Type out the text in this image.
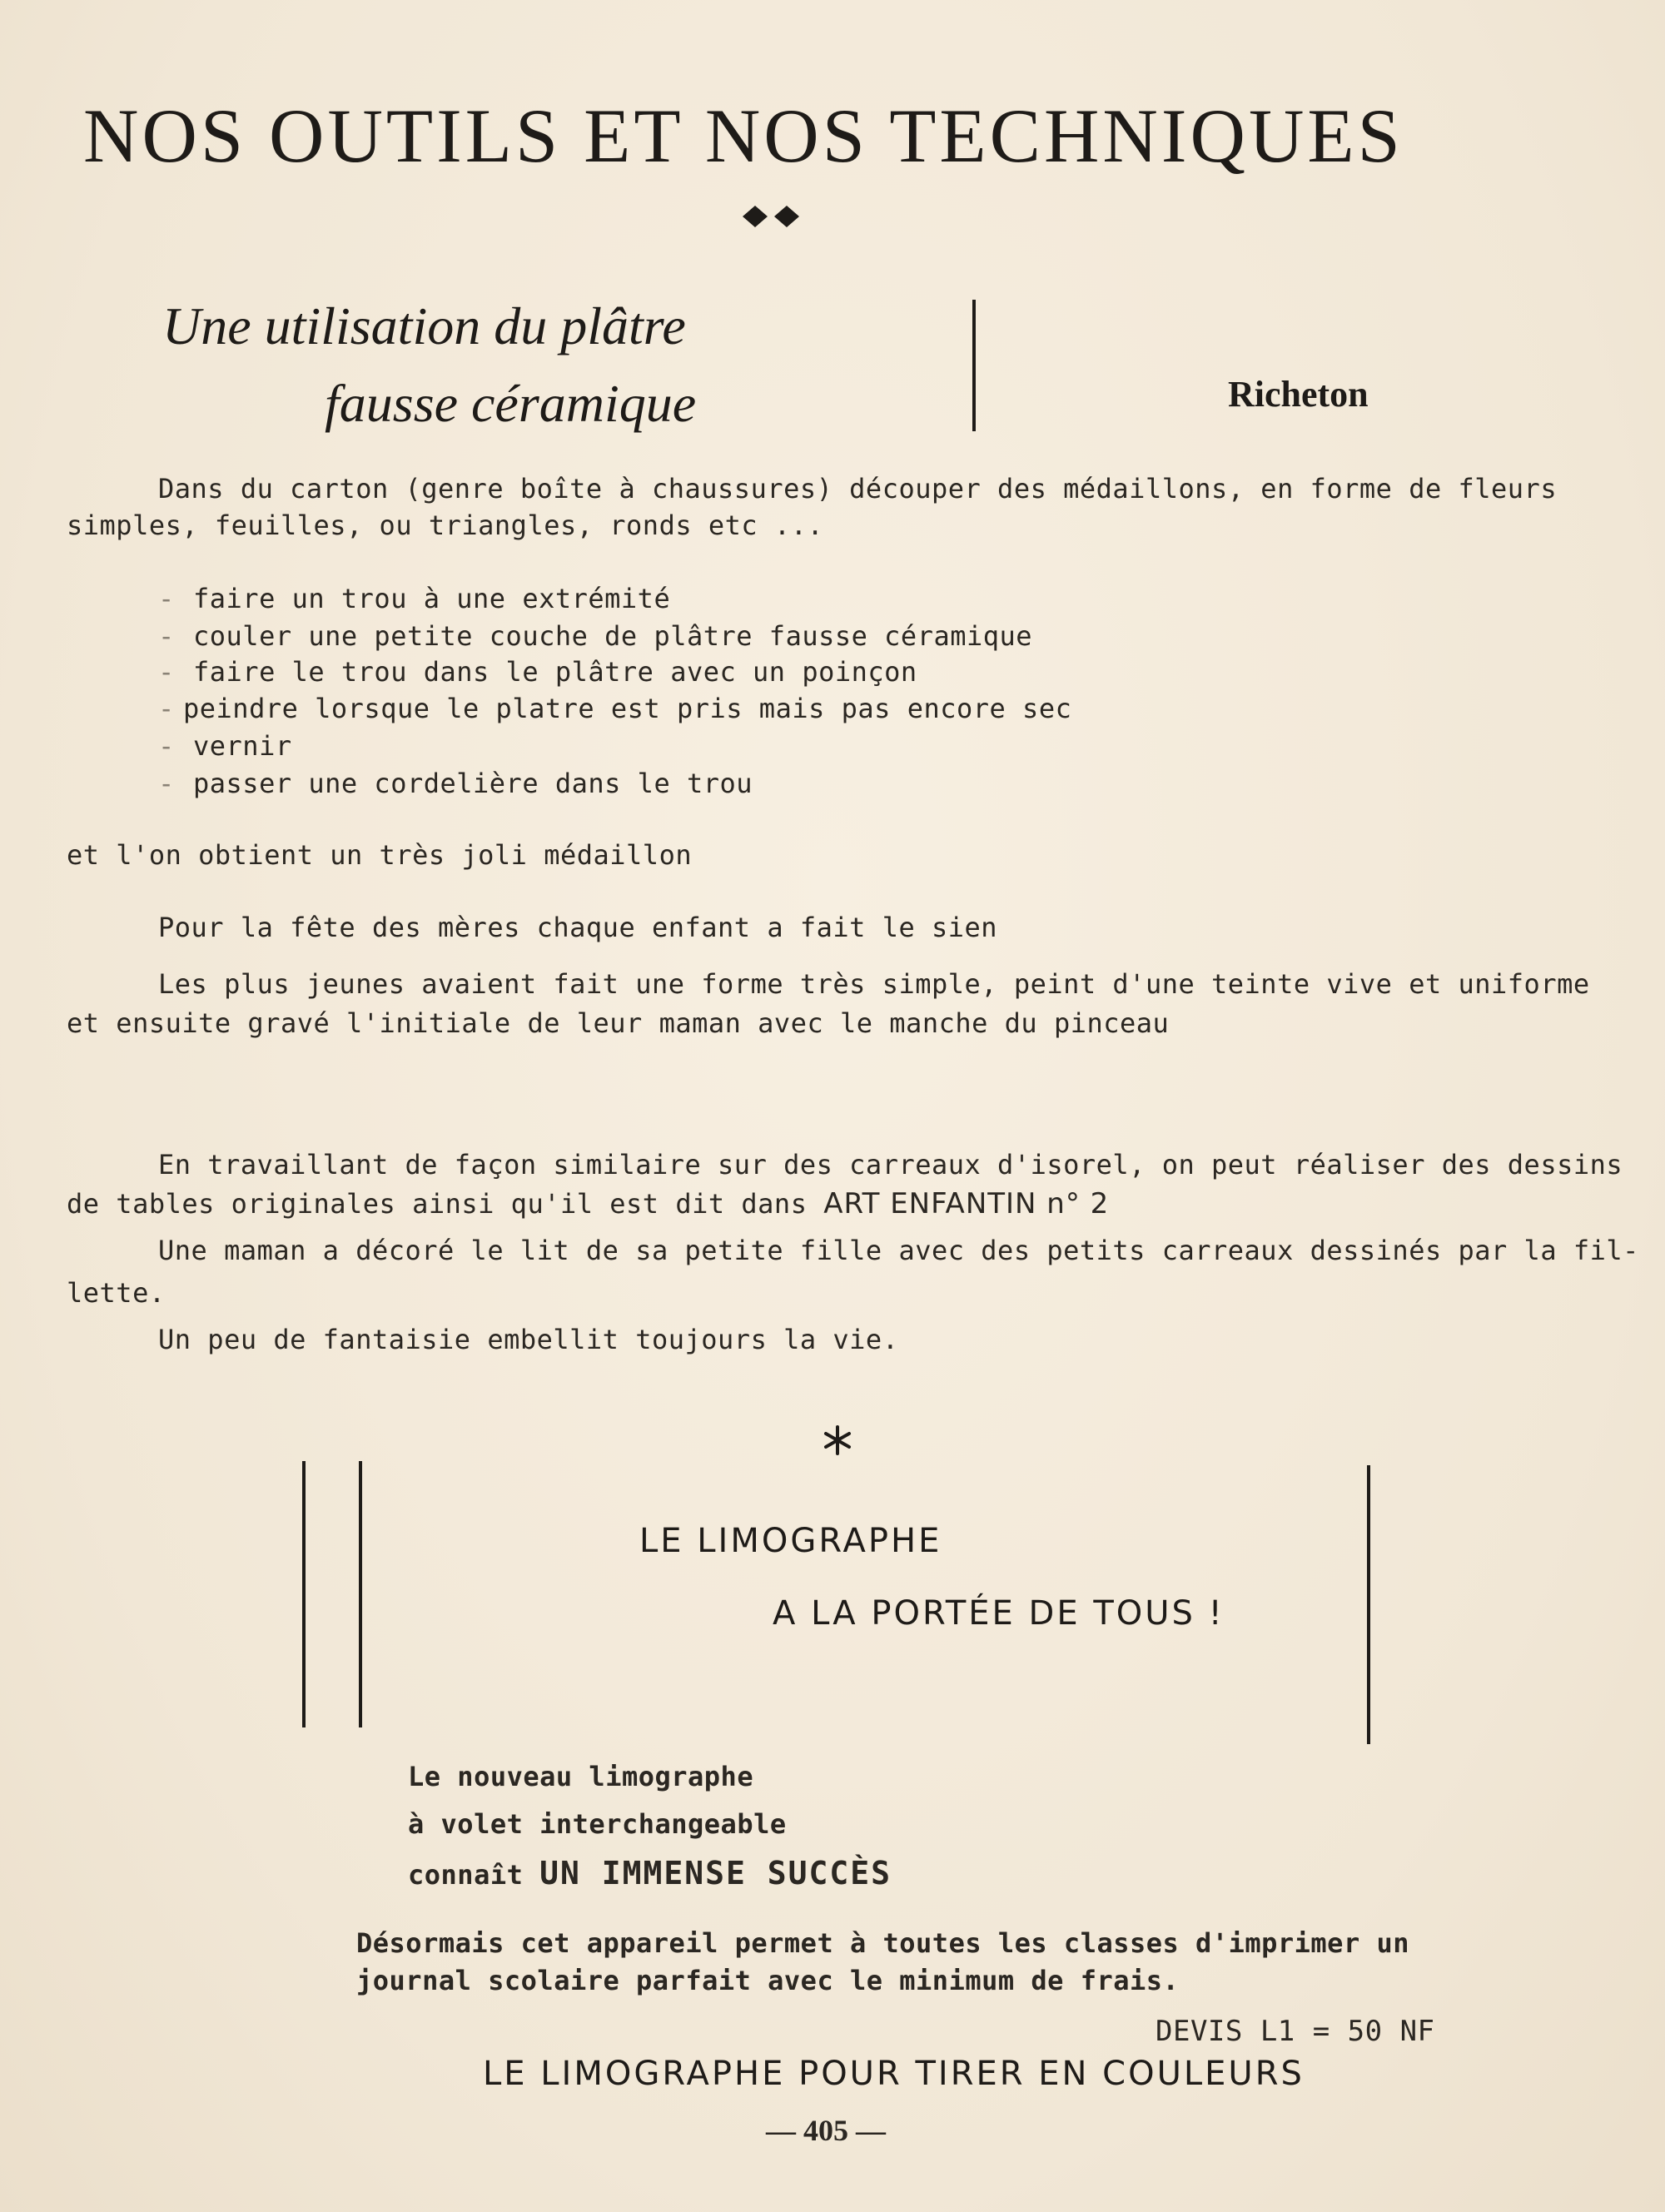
NOS OUTILS ET NOS TECHNIQUES
Une utilisation du plâtre
fausse céramique	Richeton
Dans du carton (genre boîte à chaussures) découper des médaillons, en forme de fleurs
simples, feuilles, ou triangles, ronds etc ...
- faire un trou à une extrémité
- couler une petite couche de plâtre fausse céramique
- faire le trou dans le plâtre avec un poinçon
- peindre lorsque le platre est pris mais pas encore sec
- vernir
- passer une cordelière dans le trou
et l'on obtient un très joli médaillon
Pour la fête des mères chaque enfant a fait le sien
Les plus jeunes avaient fait une forme très simple, peint d'une teinte vive et uniforme
et ensuite gravé l'initiale de leur maman avec le manche du pinceau
En travaillant de façon similaire sur des carreaux d'isorel, on peut réaliser des dessins
de tables originales ainsi qu'il est dit dans ART ENFANTIN n° 2
Une maman a décoré le lit de sa petite fille avec des petits carreaux dessinés par la fil-
lette.
Un peu de fantaisie embellit toujours la vie.
LE LIMOGRAPHE
A LA PORTÉE DE TOUS !
Le nouveau limographe
à volet interchangeable
connaît UN IMMENSE SUCCÈS
Désormais cet appareil permet à toutes les classes d'imprimer un
journal scolaire parfait avec le minimum de frais.
DEVIS L1 = 50 NF
LE LIMOGRAPHE POUR TIRER EN COULEURS
— 405 —
